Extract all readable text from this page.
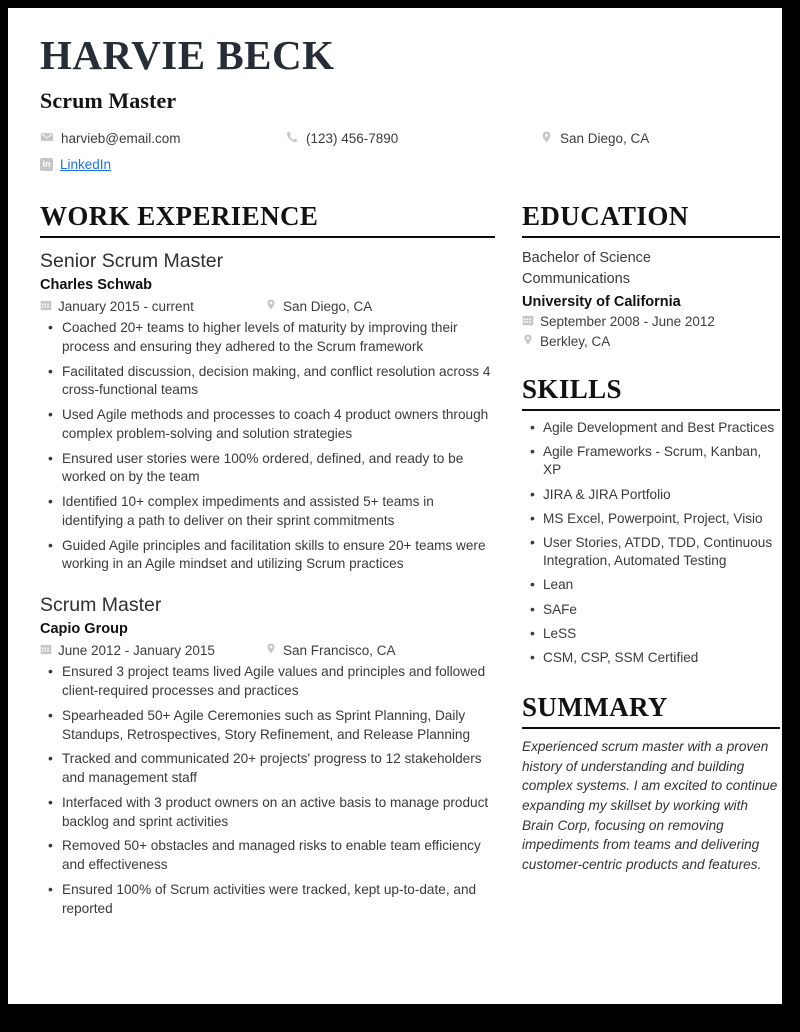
HARVIE BECK
Scrum Master
harvieb@email.com	(123) 456-7890	San Diego, CA
in LinkedIn
WORK EXPERIENCE
Senior Scrum Master
Charles Schwab
January 2015 - current	San Diego, CA
• Coached 20+ teams to higher levels of maturity by improving their process and ensuring they adhered to the Scrum framework
• Facilitated discussion, decision making, and conflict resolution across 4 cross-functional teams
• Used Agile methods and processes to coach 4 product owners through complex problem-solving and solution strategies
• Ensured user stories were 100% ordered, defined, and ready to be worked on by the team
• Identified 10+ complex impediments and assisted 5+ teams in identifying a path to deliver on their sprint commitments
• Guided Agile principles and facilitation skills to ensure 20+ teams were working in an Agile mindset and utilizing Scrum practices
Scrum Master
Capio Group
June 2012 - January 2015	San Francisco, CA
• Ensured 3 project teams lived Agile values and principles and followed client-required processes and practices
• Spearheaded 50+ Agile Ceremonies such as Sprint Planning, Daily Standups, Retrospectives, Story Refinement, and Release Planning
• Tracked and communicated 20+ projects' progress to 12 stakeholders and management staff
• Interfaced with 3 product owners on an active basis to manage product backlog and sprint activities
• Removed 50+ obstacles and managed risks to enable team efficiency and effectiveness
• Ensured 100% of Scrum activities were tracked, kept up-to-date, and reported
EDUCATION
Bachelor of Science
Communications
University of California
September 2008 - June 2012
Berkley, CA
SKILLS
• Agile Development and Best Practices
• Agile Frameworks - Scrum, Kanban, XP
• JIRA & JIRA Portfolio
• MS Excel, Powerpoint, Project, Visio
• User Stories, ATDD, TDD, Continuous Integration, Automated Testing
• Lean
• SAFe
• LeSS
• CSM, CSP, SSM Certified
SUMMARY
Experienced scrum master with a proven history of understanding and building complex systems. I am excited to continue expanding my skillset by working with Brain Corp, focusing on removing impediments from teams and delivering customer-centric products and features.
